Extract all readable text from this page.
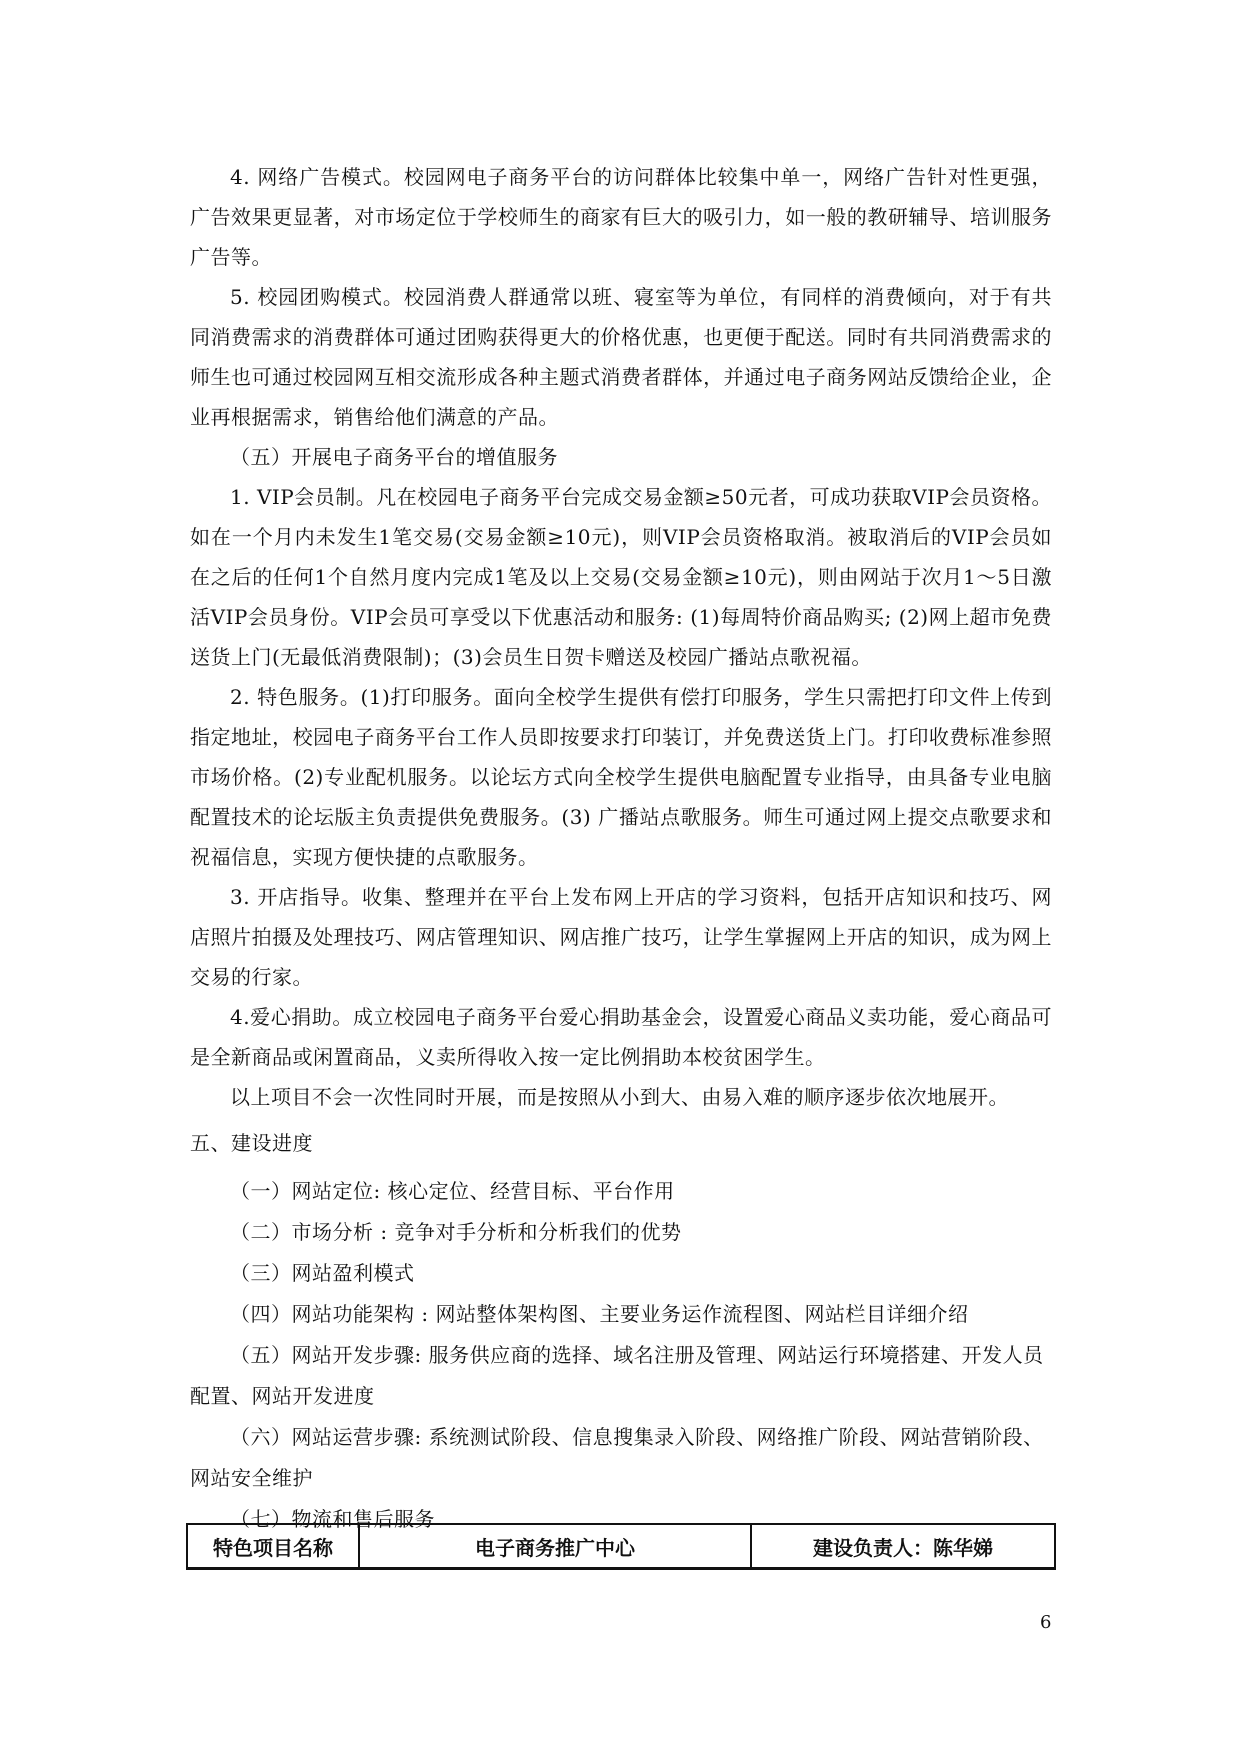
4. 网络广告模式。校园网电子商务平台的访问群体比较集中单一，网络广告针对性更强，广告效果更显著，对市场定位于学校师生的商家有巨大的吸引力，如一般的教研辅导、培训服务广告等。

5. 校园团购模式。校园消费人群通常以班、寝室等为单位，有同样的消费倾向，对于有共同消费需求的消费群体可通过团购获得更大的价格优惠，也更便于配送。同时有共同消费需求的师生也可通过校园网互相交流形成各种主题式消费者群体，并通过电子商务网站反馈给企业，企业再根据需求，销售给他们满意的产品。

（五）开展电子商务平台的增值服务

1. VIP会员制。凡在校园电子商务平台完成交易金额≥50元者，可成功获取VIP会员资格。如在一个月内未发生1笔交易(交易金额≥10元)，则VIP会员资格取消。被取消后的VIP会员如在之后的任何1个自然月度内完成1笔及以上交易(交易金额≥10元)，则由网站于次月1～5日激活VIP会员身份。VIP会员可享受以下优惠活动和服务: (1)每周特价商品购买; (2)网上超市免费送货上门(无最低消费限制)；(3)会员生日贺卡赠送及校园广播站点歌祝福。

2. 特色服务。(1)打印服务。面向全校学生提供有偿打印服务，学生只需把打印文件上传到指定地址，校园电子商务平台工作人员即按要求打印装订，并免费送货上门。打印收费标准参照市场价格。(2)专业配机服务。以论坛方式向全校学生提供电脑配置专业指导，由具备专业电脑配置技术的论坛版主负责提供免费服务。(3) 广播站点歌服务。师生可通过网上提交点歌要求和祝福信息，实现方便快捷的点歌服务。

3. 开店指导。收集、整理并在平台上发布网上开店的学习资料，包括开店知识和技巧、网店照片拍摄及处理技巧、网店管理知识、网店推广技巧，让学生掌握网上开店的知识，成为网上交易的行家。

4.爱心捐助。成立校园电子商务平台爱心捐助基金会，设置爱心商品义卖功能，爱心商品可是全新商品或闲置商品，义卖所得收入按一定比例捐助本校贫困学生。

以上项目不会一次性同时开展，而是按照从小到大、由易入难的顺序逐步依次地展开。

五、建设进度

（一）网站定位: 核心定位、经营目标、平台作用

（二）市场分析 : 竞争对手分析和分析我们的优势

（三）网站盈利模式

（四）网站功能架构 : 网站整体架构图、主要业务运作流程图、网站栏目详细介绍

（五）网站开发步骤: 服务供应商的选择、域名注册及管理、网站运行环境搭建、开发人员配置、网站开发进度

（六）网站运营步骤: 系统测试阶段、信息搜集录入阶段、网络推广阶段、网站营销阶段、网站安全维护

（七）物流和售后服务

特色项目名称	电子商务推广中心	建设负责人：陈华娣
6
